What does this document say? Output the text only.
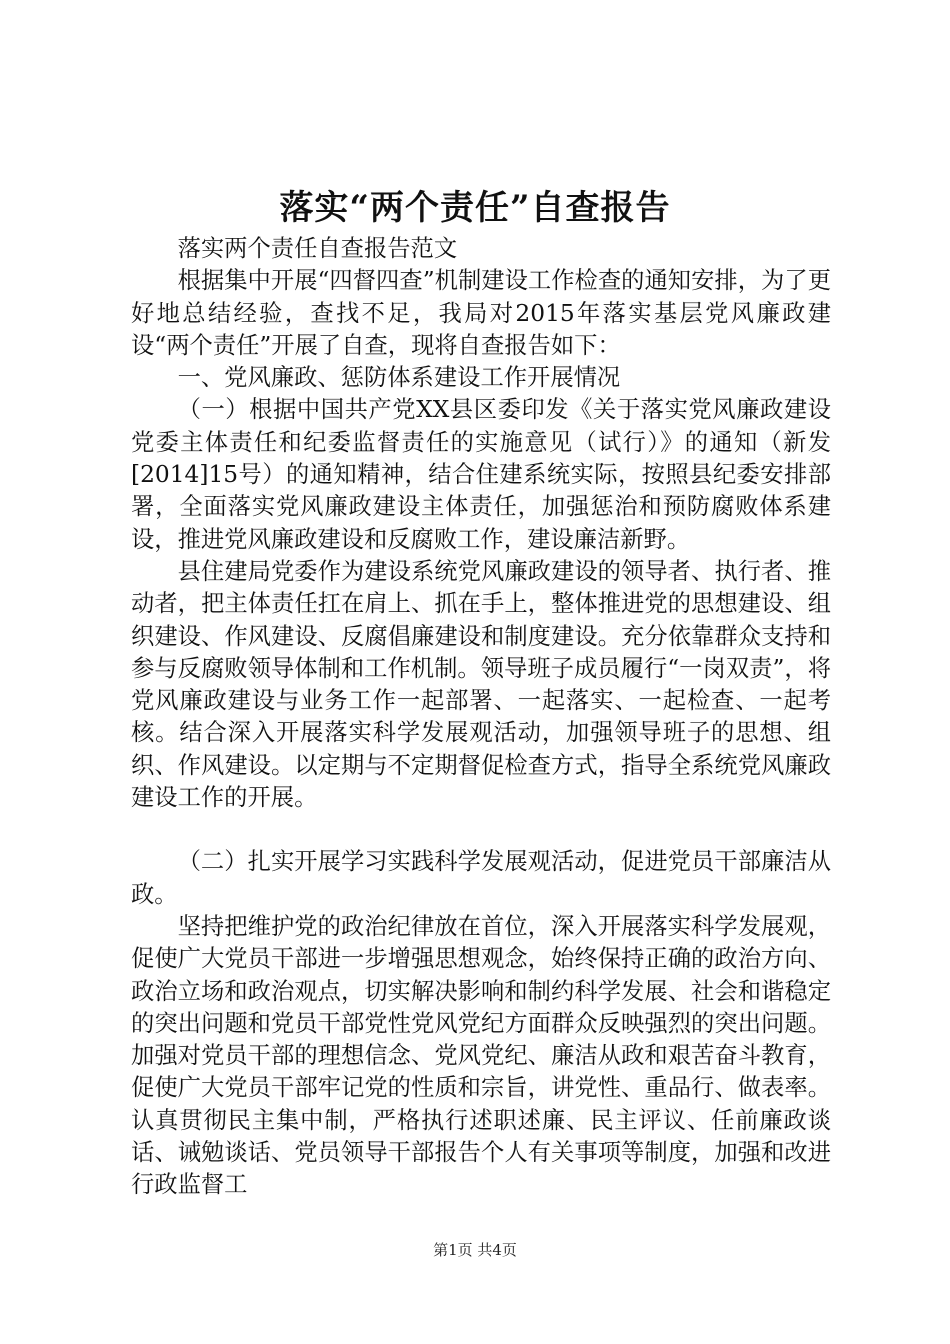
落实“两个责任”自查报告

落实两个责任自查报告范文

根据集中开展“四督四查”机制建设工作检查的通知安排，为了更好地总结经验，查找不足，我局对2015年落实基层党风廉政建设“两个责任”开展了自查，现将自查报告如下：

一、党风廉政、惩防体系建设工作开展情况

（一）根据中国共产党XX县区委印发《关于落实党风廉政建设党委主体责任和纪委监督责任的实施意见（试行）》的通知（新发[2014]15号）的通知精神，结合住建系统实际，按照县纪委安排部署，全面落实党风廉政建设主体责任，加强惩治和预防腐败体系建设，推进党风廉政建设和反腐败工作，建设廉洁新野。

县住建局党委作为建设系统党风廉政建设的领导者、执行者、推动者，把主体责任扛在肩上、抓在手上，整体推进党的思想建设、组织建设、作风建设、反腐倡廉建设和制度建设。充分依靠群众支持和参与反腐败领导体制和工作机制。领导班子成员履行“一岗双责”，将党风廉政建设与业务工作一起部署、一起落实、一起检查、一起考核。结合深入开展落实科学发展观活动，加强领导班子的思想、组织、作风建设。以定期与不定期督促检查方式，指导全系统党风廉政建设工作的开展。

（二）扎实开展学习实践科学发展观活动，促进党员干部廉洁从政。

坚持把维护党的政治纪律放在首位，深入开展落实科学发展观，促使广大党员干部进一步增强思想观念，始终保持正确的政治方向、政治立场和政治观点，切实解决影响和制约科学发展、社会和谐稳定的突出问题和党员干部党性党风党纪方面群众反映强烈的突出问题。加强对党员干部的理想信念、党风党纪、廉洁从政和艰苦奋斗教育，促使广大党员干部牢记党的性质和宗旨，讲党性、重品行、做表率。认真贯彻民主集中制，严格执行述职述廉、民主评议、任前廉政谈话、诫勉谈话、党员领导干部报告个人有关事项等制度，加强和改进行政监督工

第1页 共4页
